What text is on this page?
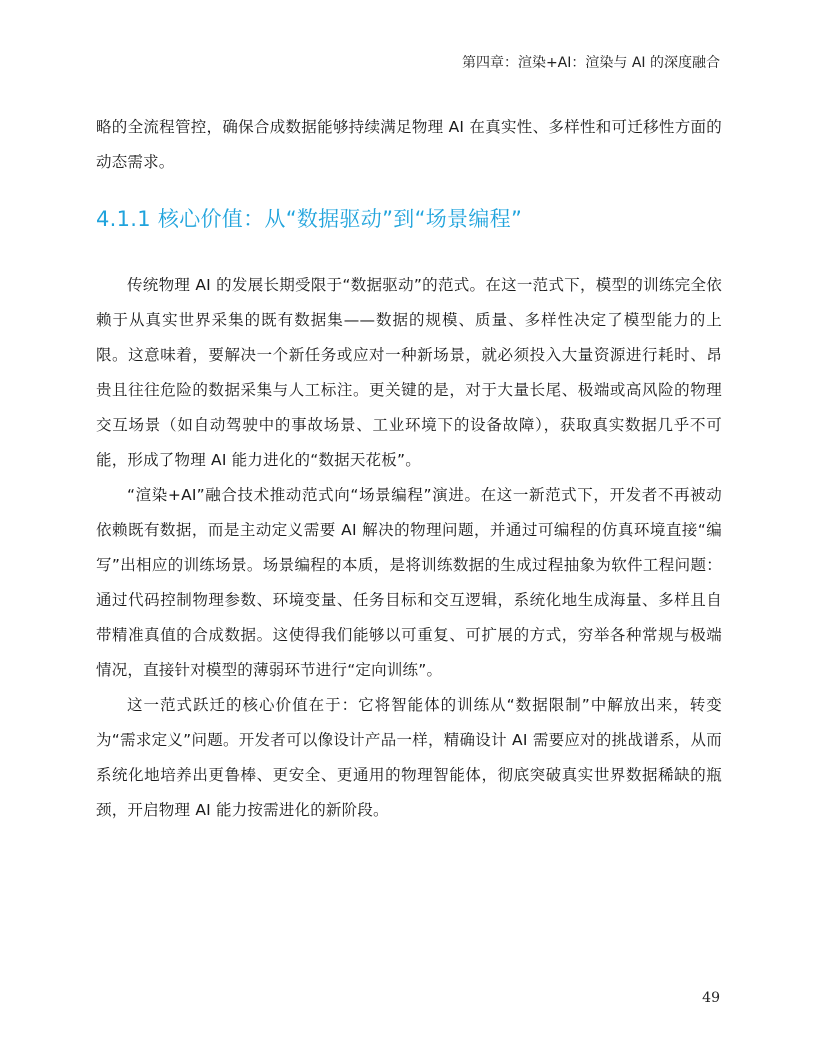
第四章：渲染+AI：渲染与 AI 的深度融合

略的全流程管控，确保合成数据能够持续满足物理 AI 在真实性、多样性和可迁移性方面的动态需求。

4.1.1 核心价值：从“数据驱动”到“场景编程”

传统物理 AI 的发展长期受限于“数据驱动”的范式。在这一范式下，模型的训练完全依赖于从真实世界采集的既有数据集——数据的规模、质量、多样性决定了模型能力的上限。这意味着，要解决一个新任务或应对一种新场景，就必须投入大量资源进行耗时、昂贵且往往危险的数据采集与人工标注。更关键的是，对于大量长尾、极端或高风险的物理交互场景（如自动驾驶中的事故场景、工业环境下的设备故障），获取真实数据几乎不可能，形成了物理 AI 能力进化的“数据天花板”。

“渲染+AI”融合技术推动范式向“场景编程”演进。在这一新范式下，开发者不再被动依赖既有数据，而是主动定义需要 AI 解决的物理问题，并通过可编程的仿真环境直接“编写”出相应的训练场景。场景编程的本质，是将训练数据的生成过程抽象为软件工程问题：通过代码控制物理参数、环境变量、任务目标和交互逻辑，系统化地生成海量、多样且自带精准真值的合成数据。这使得我们能够以可重复、可扩展的方式，穷举各种常规与极端情况，直接针对模型的薄弱环节进行“定向训练”。

这一范式跃迁的核心价值在于：它将智能体的训练从“数据限制”中解放出来，转变为“需求定义”问题。开发者可以像设计产品一样，精确设计 AI 需要应对的挑战谱系，从而系统化地培养出更鲁棒、更安全、更通用的物理智能体，彻底突破真实世界数据稀缺的瓶颈，开启物理 AI 能力按需进化的新阶段。

49
